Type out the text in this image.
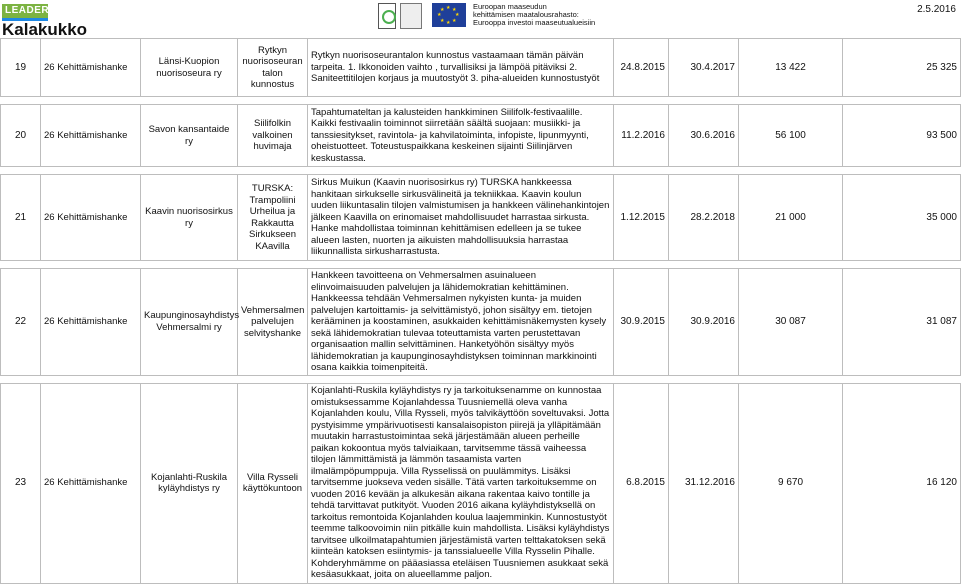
LEADER
Kalakukko
2.5.2016
★ ★
★
★
★
★
★
★	Euroopan maaseudun
kehittämisen maatalousrahasto:
Eurooppa investoi maaseutualueisiin
19	26 Kehittämishanke	Länsi-Kuopion nuorisoseura ry	Rytkyn nuorisoseuran talon kunnostus	Rytkyn nuorisoseurantalon kunnostus vastaamaan tämän päivän tarpeita. 1. Ikkonoiden vaihto , turvallisiksi ja lämpöä pitäviksi 2. Saniteettitilojen korjaus ja muutostyöt 3. piha-alueiden kunnostustyöt	24.8.2015	30.4.2017	13 422	25 325

20	26 Kehittämishanke	Savon kansantaide ry	Siilifolkin valkoinen huvimaja	Tapahtumateltan ja kalusteiden hankkiminen Siilifolk-festivaalille. Kaikki festivaalin toiminnot siirretään säältä suojaan: musiikki- ja tanssiesitykset, ravintola- ja kahvilatoiminta, infopiste, lipunmyynti, oheistuotteet. Toteustuspaikkana keskeinen sijainti Siilinjärven keskustassa.	11.2.2016	30.6.2016	56 100	93 500

21	26 Kehittämishanke	Kaavin nuorisosirkus ry	TURSKA: Trampoliini Urheilua ja Rakkautta Sirkukseen KAavilla	Sirkus Muikun (Kaavin nuorisosirkus ry) TURSKA hankkeessa hankitaan sirkukselle sirkusvälineitä ja tekniikkaa. Kaavin koulun uuden liikuntasalin tilojen valmistumisen ja hankkeen välinehankintojen jälkeen Kaavilla on erinomaiset mahdollisuudet harrastaa sirkusta. Hanke mahdollistaa toiminnan kehittämisen edelleen ja se tukee alueen lasten, nuorten ja aikuisten mahdollisuuksia harrastaa liikunnallista sirkusharrastusta.	1.12.2015	28.2.2018	21 000	35 000

22	26 Kehittämishanke	Kaupunginosayhdistys Vehmersalmi ry	Vehmersalmen palvelujen selvityshanke	Hankkeen tavoitteena on Vehmersalmen asuinalueen elinvoimaisuuden palvelujen ja lähidemokratian kehittäminen. Hankkeessa tehdään Vehmersalmen nykyisten kunta- ja muiden palvelujen kartoittamis- ja selvittämistyö, johon sisältyy em. tietojen kerääminen ja koostaminen, asukkaiden kehittämisnäkemysten kysely sekä lähidemokratian tulevaa toteuttamista varten perustettavan organisaation mallin selvittäminen. Hanketyöhön sisältyy myös lähidemokratian ja kaupunginosayhdistyksen toiminnan markkinointi osana kaikkia toimenpiteitä.	30.9.2015	30.9.2016	30 087	31 087

23	26 Kehittämishanke	Kojanlahti-Ruskila kyläyhdistys ry	Villa Rysseli käyttökuntoon	Kojanlahti-Ruskila kyläyhdistys ry ja tarkoituksenamme on kunnostaa omistuksessamme Kojanlahdessa Tuusniemellä oleva vanha Kojanlahden koulu, Villa Rysseli, myös talvikäyttöön soveltuvaksi. Jotta pystyisimme ympärivuotisesti kansalaisopiston piirejä ja ylläpitämään muutakin harrastustoimintaa sekä järjestämään alueen perheille paikan kokoontua myös talviaikaan, tarvitsemme tässä vaiheessa tilojen lämmittämistä ja lämmön tasaamista varten ilmalämpöpumppuja. Villa Rysselissä on puulämmitys. Lisäksi tarvitsemme juokseva veden sisälle. Tätä varten tarkoituksemme on vuoden 2016 kevään ja alkukesän aikana rakentaa kaivo tontille ja tehdä tarvittavat putkityöt. Vuoden 2016 aikana kyläyhdistyksellä on tarkoitus remontoida Kojanlahden koulua laajemminkin. Kunnostustyöt teemme talkoovoimin niin pitkälle kuin mahdollista. Lisäksi kyläyhdistys tarvitsee ulkoilmatapahtumien järjestämistä varten telttakatoksen sekä kiinteän katoksen esiintymis- ja tanssialueelle Villa Rysselin Pihalle. Kohderyhmämme on pääasiassa eteläisen Tuusniemen asukkaat sekä kesäasukkaat, joita on alueellamme paljon.	6.8.2015	31.12.2016	9 670	16 120
